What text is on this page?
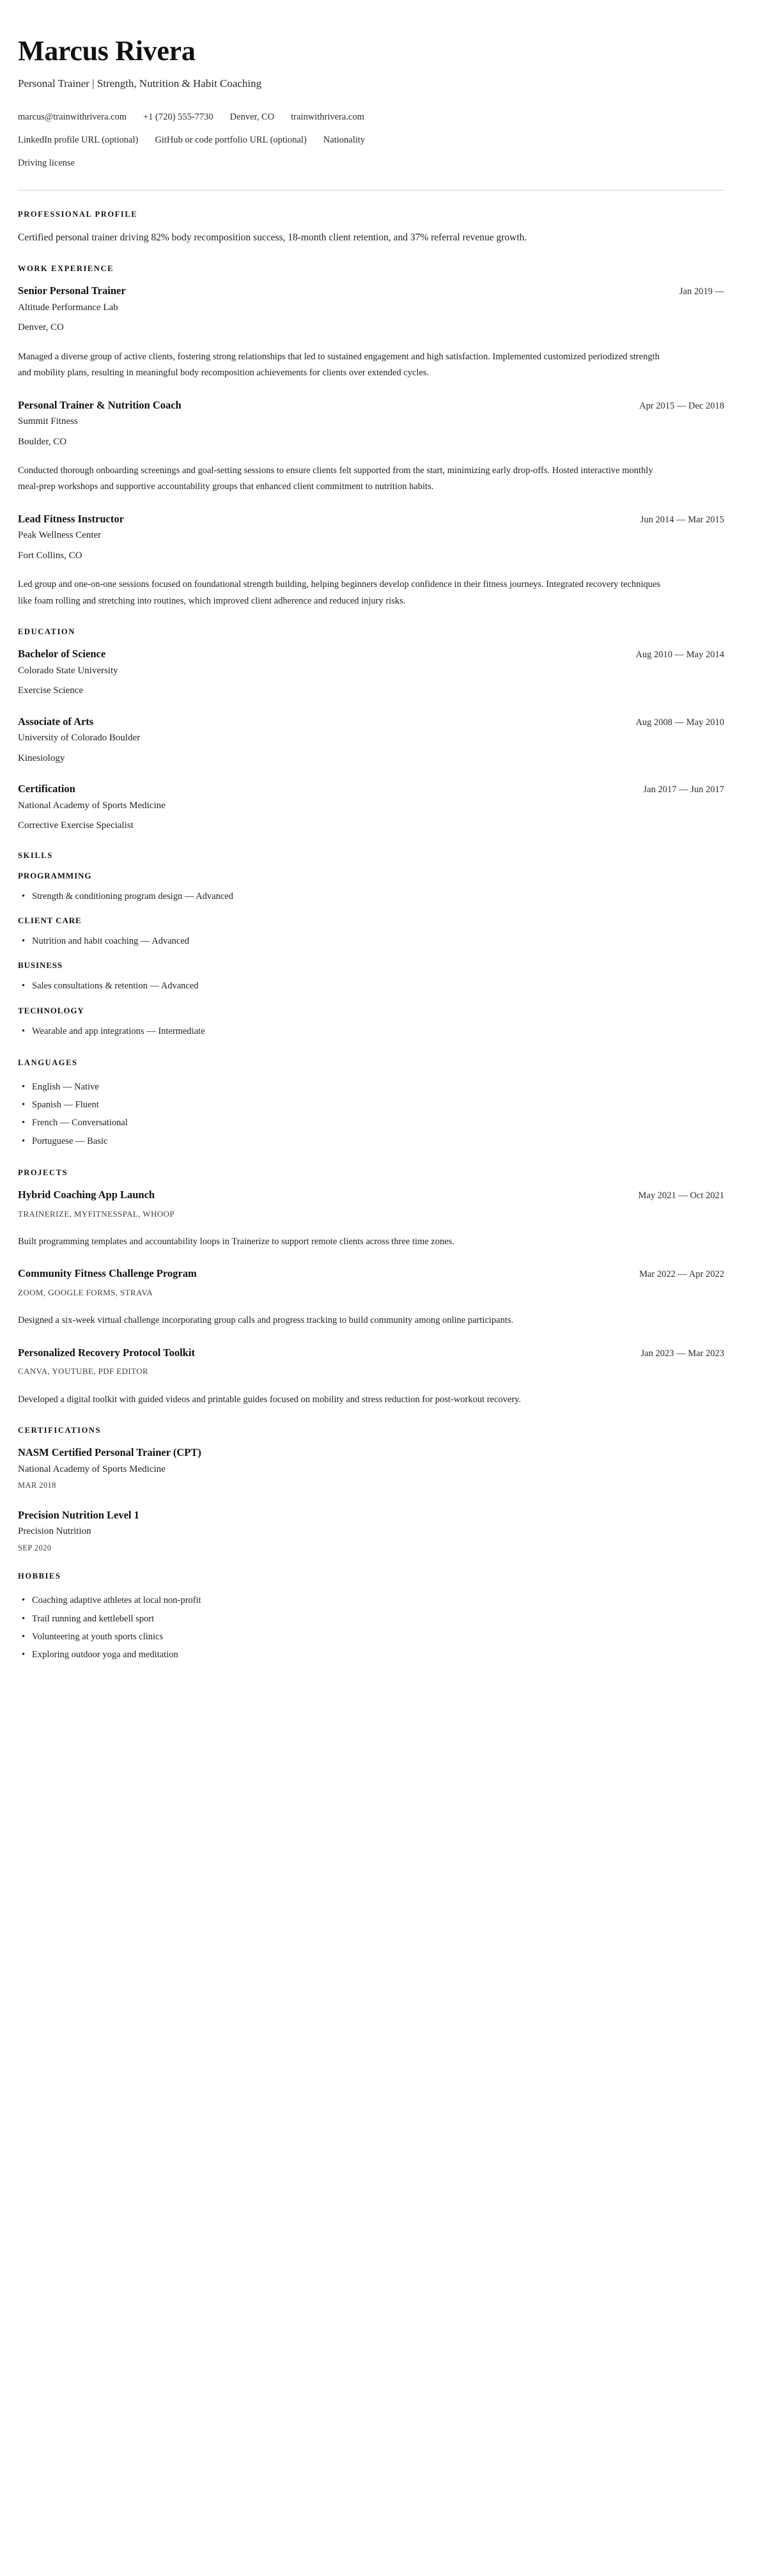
Marcus Rivera
Personal Trainer | Strength, Nutrition & Habit Coaching
marcus@trainwithrivera.com +1 (720) 555-7730 Denver, CO trainwithrivera.com
LinkedIn profile URL (optional) GitHub or code portfolio URL (optional) Nationality
Driving license
PROFESSIONAL PROFILE

Certified personal trainer driving 82% body recomposition success, 18-month client retention, and 37% referral revenue growth.

WORK EXPERIENCE
Senior Personal Trainer	Jan 2019 —
Altitude Performance Lab
Denver, CO
Managed a diverse group of active clients, fostering strong relationships that led to sustained engagement and high satisfaction. Implemented customized periodized strength and mobility plans, resulting in meaningful body recomposition achievements for clients over extended cycles.
Personal Trainer & Nutrition Coach	Apr 2015 — Dec 2018
Summit Fitness
Boulder, CO
Conducted thorough onboarding screenings and goal-setting sessions to ensure clients felt supported from the start, minimizing early drop-offs. Hosted interactive monthly meal-prep workshops and supportive accountability groups that enhanced client commitment to nutrition habits.
Lead Fitness Instructor	Jun 2014 — Mar 2015
Peak Wellness Center
Fort Collins, CO
Led group and one-on-one sessions focused on foundational strength building, helping beginners develop confidence in their fitness journeys. Integrated recovery techniques like foam rolling and stretching into routines, which improved client adherence and reduced injury risks.
EDUCATION
Bachelor of Science	Aug 2010 — May 2014
Colorado State University
Exercise Science
Associate of Arts	Aug 2008 — May 2010
University of Colorado Boulder
Kinesiology
Certification	Jan 2017 — Jun 2017
National Academy of Sports Medicine
Corrective Exercise Specialist
SKILLS
PROGRAMMING
• Strength & conditioning program design — Advanced
CLIENT CARE
• Nutrition and habit coaching — Advanced
BUSINESS
• Sales consultations & retention — Advanced
TECHNOLOGY
• Wearable and app integrations — Intermediate
LANGUAGES
• English — Native
• Spanish — Fluent
• French — Conversational
• Portuguese — Basic
PROJECTS
Hybrid Coaching App Launch	May 2021 — Oct 2021
TRAINERIZE, MYFITNESSPAL, WHOOP
Built programming templates and accountability loops in Trainerize to support remote clients across three time zones.
Community Fitness Challenge Program	Mar 2022 — Apr 2022
ZOOM, GOOGLE FORMS, STRAVA
Designed a six-week virtual challenge incorporating group calls and progress tracking to build community among online participants.
Personalized Recovery Protocol Toolkit	Jan 2023 — Mar 2023
CANVA, YOUTUBE, PDF EDITOR
Developed a digital toolkit with guided videos and printable guides focused on mobility and stress reduction for post-workout recovery.
CERTIFICATIONS
NASM Certified Personal Trainer (CPT)
National Academy of Sports Medicine
MAR 2018
Precision Nutrition Level 1
Precision Nutrition
SEP 2020
HOBBIES
• Coaching adaptive athletes at local non-profit
• Trail running and kettlebell sport
• Volunteering at youth sports clinics
• Exploring outdoor yoga and meditation
